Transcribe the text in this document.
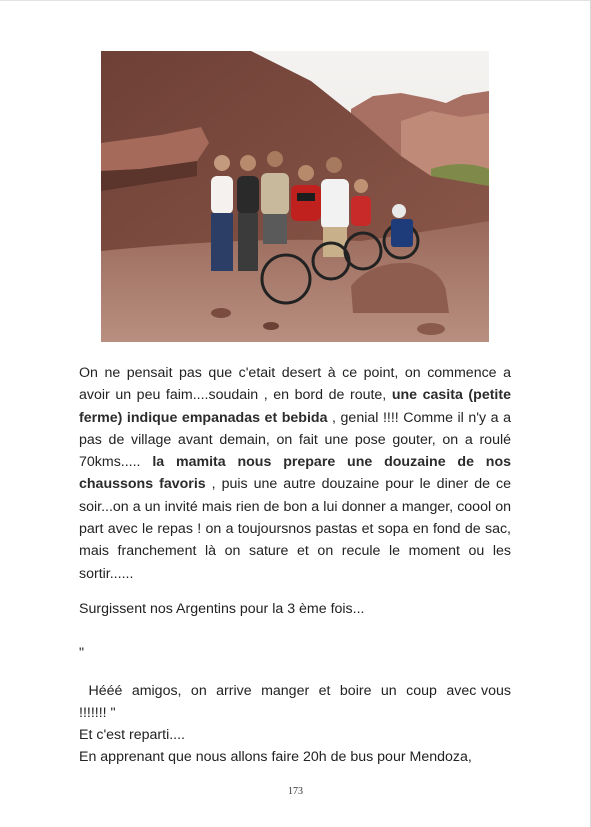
On ne pensait pas que c'etait desert à ce point, on commence a avoir un peu faim....soudain , en bord de route, une casita (petite ferme) indique empanadas et bebida , genial !!!! Comme il n'y a a pas de village avant demain, on fait une pose gouter, on a roulé 70kms..... la mamita nous prepare une douzaine de nos chaussons favoris , puis une autre douzaine pour le diner de ce soir...on a un invité mais rien de bon a lui donner a manger, coool on part avec le repas ! on a toujoursnos pastas et sopa en fond de sac, mais franchement là on sature et on recule le moment ou les sortir......

Surgissent nos Argentins pour la 3 ème fois...
"
Hééé  amigos,  on  arrive  manger  et  boire  un  coup  avec vous !!!!!!! "
Et c'est reparti....
En apprenant que nous allons faire 20h de bus pour Mendoza,
173
